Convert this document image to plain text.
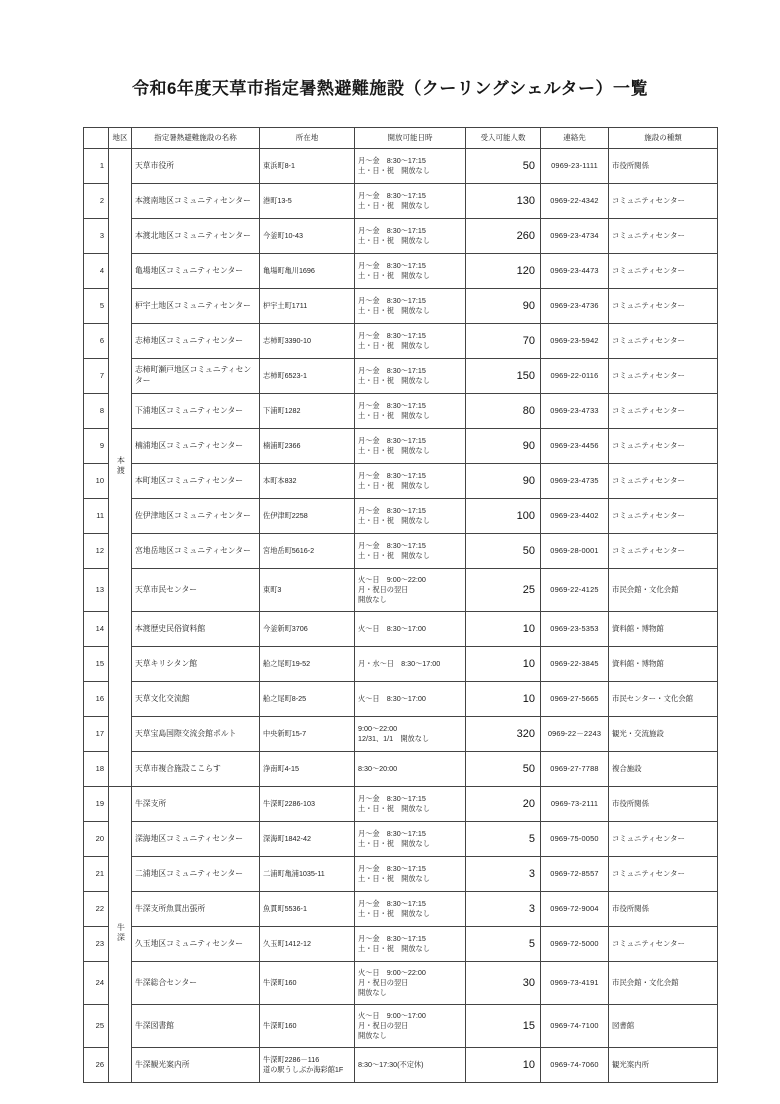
令和6年度天草市指定暑熱避難施設（クーリングシェルター）一覧
	地区	指定暑熱避難施設の名称	所在地	開放可能日時	受入可能人数	連絡先	施設の種類
1	本渡	天草市役所	東浜町8-1	月～金　8:30～17:15
土・日・祝　開放なし	50	0969-23-1111	市役所関係
2		本渡南地区コミュニティセンター	港町13-5	月～金　8:30～17:15
土・日・祝　開放なし	130	0969-22-4342	コミュニティセンター
3		本渡北地区コミュニティセンター	今釜町10-43	月～金　8:30～17:15
土・日・祝　開放なし	260	0969-23-4734	コミュニティセンター
4		亀場地区コミュニティセンター	亀場町亀川1696	月～金　8:30～17:15
土・日・祝　開放なし	120	0969-23-4473	コミュニティセンター
5		枦宇土地区コミュニティセンター	枦宇土町1711	月～金　8:30～17:15
土・日・祝　開放なし	90	0969-23-4736	コミュニティセンター
6		志柿地区コミュニティセンター	志柿町3390-10	月～金　8:30～17:15
土・日・祝　開放なし	70	0969-23-5942	コミュニティセンター
7		志柿町瀬戸地区コミュニティセンター	志柿町6523-1	月～金　8:30～17:15
土・日・祝　開放なし	150	0969-22-0116	コミュニティセンター
8		下浦地区コミュニティセンター	下浦町1282	月～金　8:30～17:15
土・日・祝　開放なし	80	0969-23-4733	コミュニティセンター
9		楠浦地区コミュニティセンター	楠浦町2366	月～金　8:30～17:15
土・日・祝　開放なし	90	0969-23-4456	コミュニティセンター
10		本町地区コミュニティセンター	本町本832	月～金　8:30～17:15
土・日・祝　開放なし	90	0969-23-4735	コミュニティセンター
11		佐伊津地区コミュニティセンター	佐伊津町2258	月～金　8:30～17:15
土・日・祝　開放なし	100	0969-23-4402	コミュニティセンター
12		宮地岳地区コミュニティセンター	宮地岳町5616-2	月～金　8:30～17:15
土・日・祝　開放なし	50	0969-28-0001	コミュニティセンター
13		天草市民センター	東町3	火～日　9:00～22:00
月・祝日の翌日
開放なし	25	0969-22-4125	市民会館・文化会館
14		本渡歴史民俗資料館	今釜新町3706	火～日　8:30～17:00	10	0969-23-5353	資料館・博物館
15		天草キリシタン館	船之尾町19-52	月・水～日　8:30～17:00	10	0969-22-3845	資料館・博物館
16		天草文化交流館	船之尾町8-25	火～日　8:30～17:00	10	0969-27-5665	市民センター・文化会館
17		天草宝島国際交流会館ポルト	中央新町15-7	9:00～22:00
12/31、1/1　開放なし	320	0969-22－2243	観光・交流施設
18		天草市複合施設ここらす	浄南町4-15	8:30～20:00	50	0969-27-7788	複合施設
19	牛深	牛深支所	牛深町2286-103	月～金　8:30～17:15
土・日・祝　開放なし	20	0969-73-2111	市役所関係
20		深海地区コミュニティセンター	深海町1842-42	月～金　8:30～17:15
土・日・祝　開放なし	5	0969-75-0050	コミュニティセンター
21		二浦地区コミュニティセンター	二浦町亀浦1035-11	月～金　8:30～17:15
土・日・祝　開放なし	3	0969-72-8557	コミュニティセンター
22		牛深支所魚貫出張所	魚貫町5536-1	月～金　8:30～17:15
土・日・祝　開放なし	3	0969-72-9004	市役所関係
23		久玉地区コミュニティセンター	久玉町1412-12	月～金　8:30～17:15
土・日・祝　開放なし	5	0969-72-5000	コミュニティセンター
24		牛深総合センター	牛深町160	火～日　9:00～22:00
月・祝日の翌日
開放なし	30	0969-73-4191	市民会館・文化会館
25		牛深図書館	牛深町160	火～日　9:00～17:00
月・祝日の翌日
開放なし	15	0969-74-7100	図書館
26		牛深観光案内所	牛深町2286－116
道の駅うしぶか海彩館1F	8:30～17:30(不定休)	10	0969-74-7060	観光案内所
